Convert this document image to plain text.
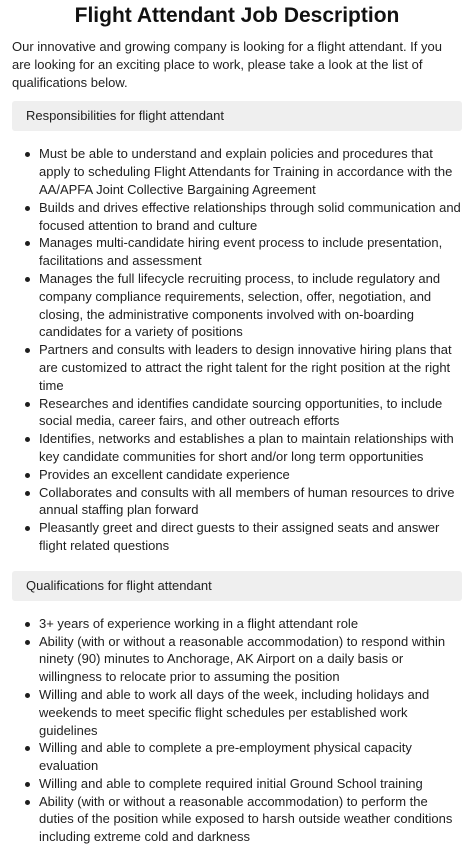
Flight Attendant Job Description

Our innovative and growing company is looking for a flight attendant. If you are looking for an exciting place to work, please take a look at the list of qualifications below.

Responsibilities for flight attendant
Must be able to understand and explain policies and procedures that apply to scheduling Flight Attendants for Training in accordance with the AA/APFA Joint Collective Bargaining Agreement
Builds and drives effective relationships through solid communication and focused attention to brand and culture
Manages multi-candidate hiring event process to include presentation, facilitations and assessment
Manages the full lifecycle recruiting process, to include regulatory and company compliance requirements, selection, offer, negotiation, and closing, the administrative components involved with on-boarding candidates for a variety of positions
Partners and consults with leaders to design innovative hiring plans that are customized to attract the right talent for the right position at the right time
Researches and identifies candidate sourcing opportunities, to include social media, career fairs, and other outreach efforts
Identifies, networks and establishes a plan to maintain relationships with key candidate communities for short and/or long term opportunities
Provides an excellent candidate experience
Collaborates and consults with all members of human resources to drive annual staffing plan forward
Pleasantly greet and direct guests to their assigned seats and answer flight related questions
Qualifications for flight attendant
3+ years of experience working in a flight attendant role
Ability (with or without a reasonable accommodation) to respond within ninety (90) minutes to Anchorage, AK Airport on a daily basis or willingness to relocate prior to assuming the position
Willing and able to work all days of the week, including holidays and weekends to meet specific flight schedules per established work guidelines
Willing and able to complete a pre-employment physical capacity evaluation
Willing and able to complete required initial Ground School training
Ability (with or without a reasonable accommodation) to perform the duties of the position while exposed to harsh outside weather conditions including extreme cold and darkness
